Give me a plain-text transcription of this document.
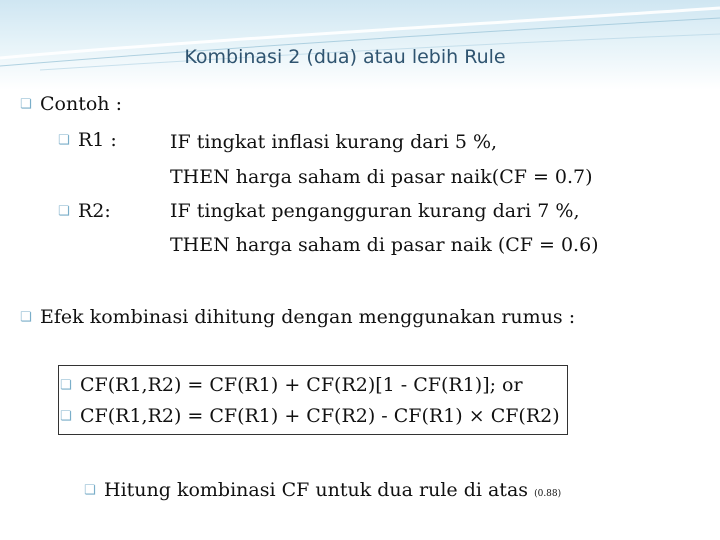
Kombinasi 2 (dua) atau lebih Rule
❏ Contoh :
❏ R1 :	IF tingkat inflasi kurang dari 5 %,
THEN harga saham di pasar naik(CF = 0.7)
❏ R2:	IF tingkat pengangguran kurang dari 7 %,
THEN harga saham di pasar naik (CF = 0.6)
❏ Efek kombinasi dihitung dengan menggunakan rumus :
❏ CF(R1,R2) = CF(R1) + CF(R2)[1 - CF(R1)]; or
❏ CF(R1,R2) = CF(R1) + CF(R2) - CF(R1) × CF(R2)
❏ Hitung kombinasi CF untuk dua rule di atas (0.88)
